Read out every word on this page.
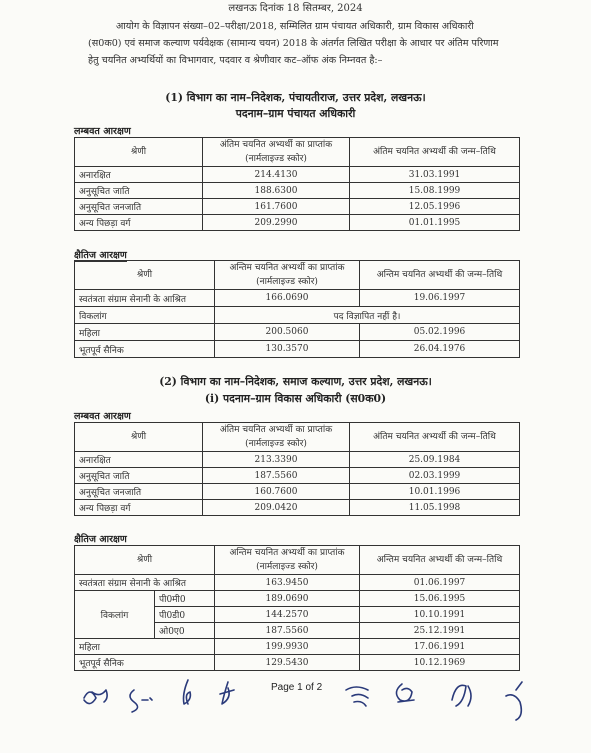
लखनऊ दिनांक 18 सितम्बर, 2024
आयोग के विज्ञापन संख्या–02–परीक्षा/2018, सम्मिलित ग्राम पंचायत अधिकारी, ग्राम विकास अधिकारी
(स0क0) एवं समाज कल्याण पर्यवेक्षक (सामान्य चयन) 2018 के अंतर्गत लिखित परीक्षा के आधार पर अंतिम परिणाम
हेतु चयनित अभ्यर्थियों का विभागवार, पदवार व श्रेणीवार कट–ऑफ अंक निम्नवत है:–
(1) विभाग का नाम–निदेशक, पंचायतीराज, उत्तर प्रदेश, लखनऊ।
पदनाम–ग्राम पंचायत अधिकारी
लम्बवत आरक्षण
श्रेणी	अंतिम चयनित अभ्यर्थी का प्राप्तांक (नार्मलाइज्ड स्कोर)	अंतिम चयनित अभ्यर्थी की जन्म–तिथि
अनारक्षित	214.4130	31.03.1991
अनुसूचित जाति	188.6300	15.08.1999
अनुसूचित जनजाति	161.7600	12.05.1996
अन्य पिछड़ा वर्ग	209.2990	01.01.1995
क्षैतिज आरक्षण
श्रेणी	अन्तिम चयनित अभ्यर्थी का प्राप्तांक (नार्मलाइज्ड स्कोर)	अन्तिम चयनित अभ्यर्थी की जन्म–तिथि
स्वतंत्रता संग्राम सेनानी के आश्रित	166.0690	19.06.1997
विकलांग	पद विज्ञापित नहीं है।	
महिला	200.5060	05.02.1996
भूतपूर्व सैनिक	130.3570	26.04.1976
(2) विभाग का नाम–निदेशक, समाज कल्याण, उत्तर प्रदेश, लखनऊ।
(i) पदनाम–ग्राम विकास अधिकारी (स0क0)
लम्बवत आरक्षण
श्रेणी	अंतिम चयनित अभ्यर्थी का प्राप्तांक (नार्मलाइज्ड स्कोर)	अंतिम चयनित अभ्यर्थी की जन्म–तिथि
अनारक्षित	213.3390	25.09.1984
अनुसूचित जाति	187.5560	02.03.1999
अनुसूचित जनजाति	160.7600	10.01.1996
अन्य पिछड़ा वर्ग	209.0420	11.05.1998
क्षैतिज आरक्षण
श्रेणी		अन्तिम चयनित अभ्यर्थी का प्राप्तांक (नार्मलाइज्ड स्कोर)	अन्तिम चयनित अभ्यर्थी की जन्म–तिथि
स्वतंत्रता संग्राम सेनानी के आश्रित		163.9450	01.06.1997
विकलांग	पी0मी0	189.0690	15.06.1995
	पी0डी0	144.2570	10.10.1991
	ओ0ए0	187.5560	25.12.1991
महिला		199.9930	17.06.1991
भूतपूर्व सैनिक		129.5430	10.12.1969
Page 1 of 2
